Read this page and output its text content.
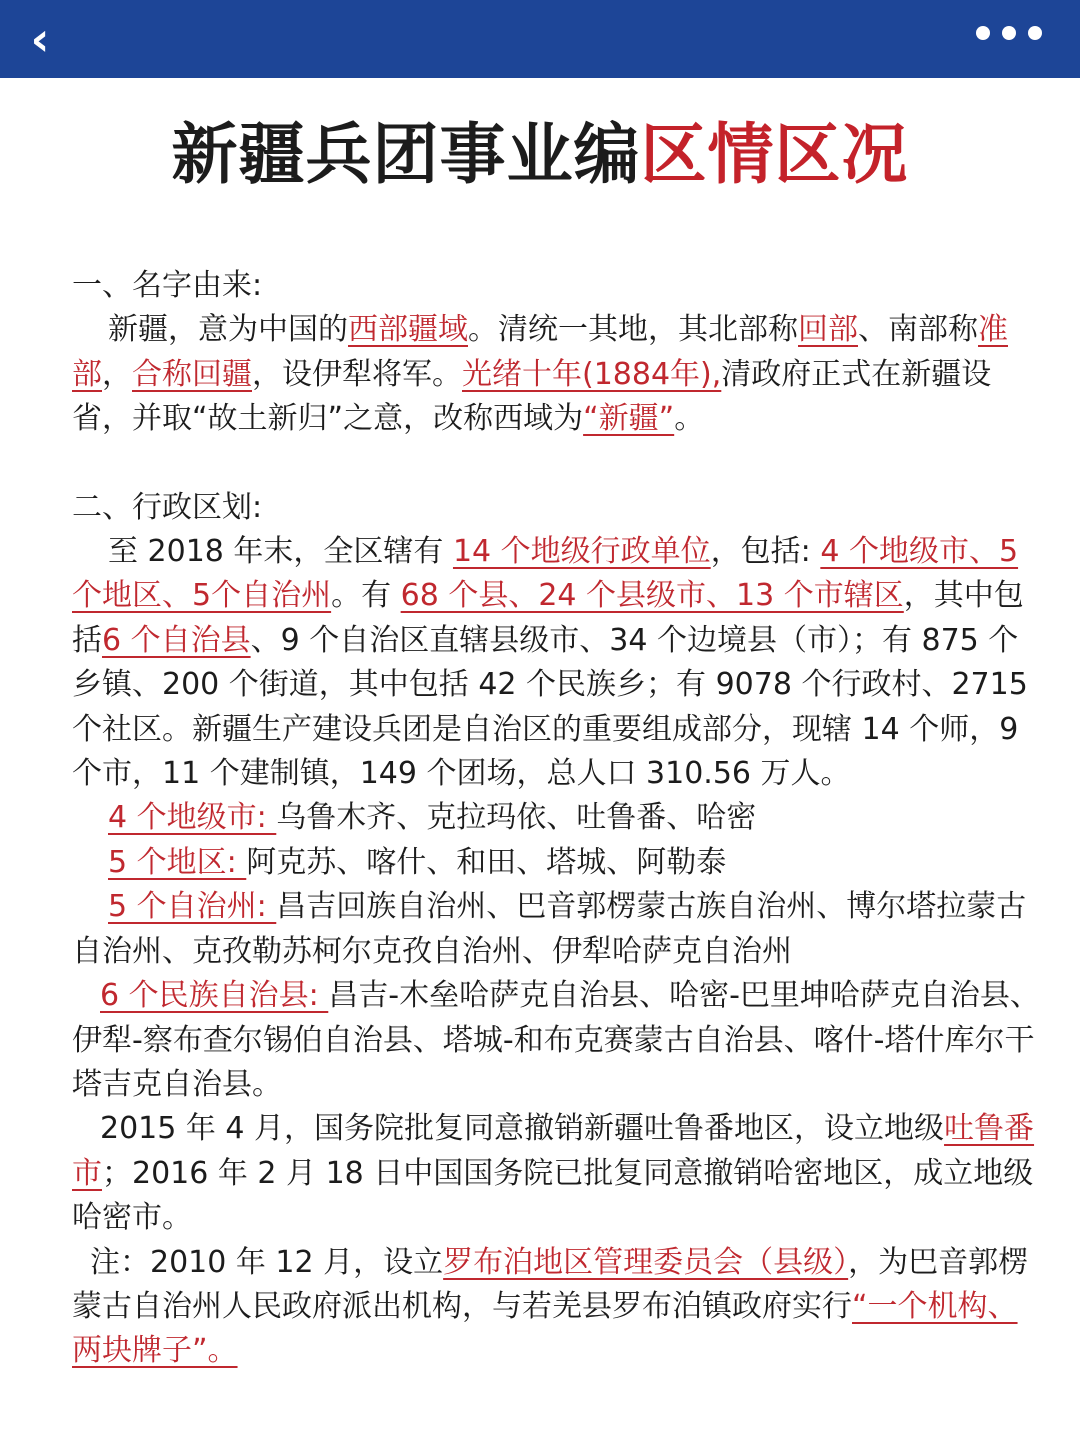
‹
新疆兵团事业编区情区况

一、名字由来:

新疆，意为中国的西部疆域。清统一其地，其北部称回部、南部称准部，合称回疆，设伊犁将军。光绪十年(1884年),清政府正式在新疆设省，并取“故土新归”之意，改称西域为“新疆”。

二、行政区划:

至 2018 年末，全区辖有 14 个地级行政单位，包括: 4 个地级市、5 个地区、5个自治州。有 68 个县、24 个县级市、13 个市辖区，其中包括6 个自治县、9 个自治区直辖县级市、34 个边境县（市）；有 875 个乡镇、200 个街道，其中包括 42 个民族乡；有 9078 个行政村、2715 个社区。新疆生产建设兵团是自治区的重要组成部分，现辖 14 个师，9 个市，11 个建制镇，149 个团场，总人口 310.56 万人。

4 个地级市: 乌鲁木齐、克拉玛依、吐鲁番、哈密

5 个地区: 阿克苏、喀什、和田、塔城、阿勒泰

5 个自治州: 昌吉回族自治州、巴音郭楞蒙古族自治州、博尔塔拉蒙古自治州、克孜勒苏柯尔克孜自治州、伊犁哈萨克自治州

6 个民族自治县: 昌吉-木垒哈萨克自治县、哈密-巴里坤哈萨克自治县、伊犁-察布查尔锡伯自治县、塔城-和布克赛蒙古自治县、喀什-塔什库尔干塔吉克自治县。

2015 年 4 月，国务院批复同意撤销新疆吐鲁番地区，设立地级吐鲁番市；2016 年 2 月 18 日中国国务院已批复同意撤销哈密地区，成立地级哈密市。

注：2010 年 12 月，设立罗布泊地区管理委员会（县级），为巴音郭楞蒙古自治州人民政府派出机构，与若羌县罗布泊镇政府实行“一个机构、两块牌子”。
